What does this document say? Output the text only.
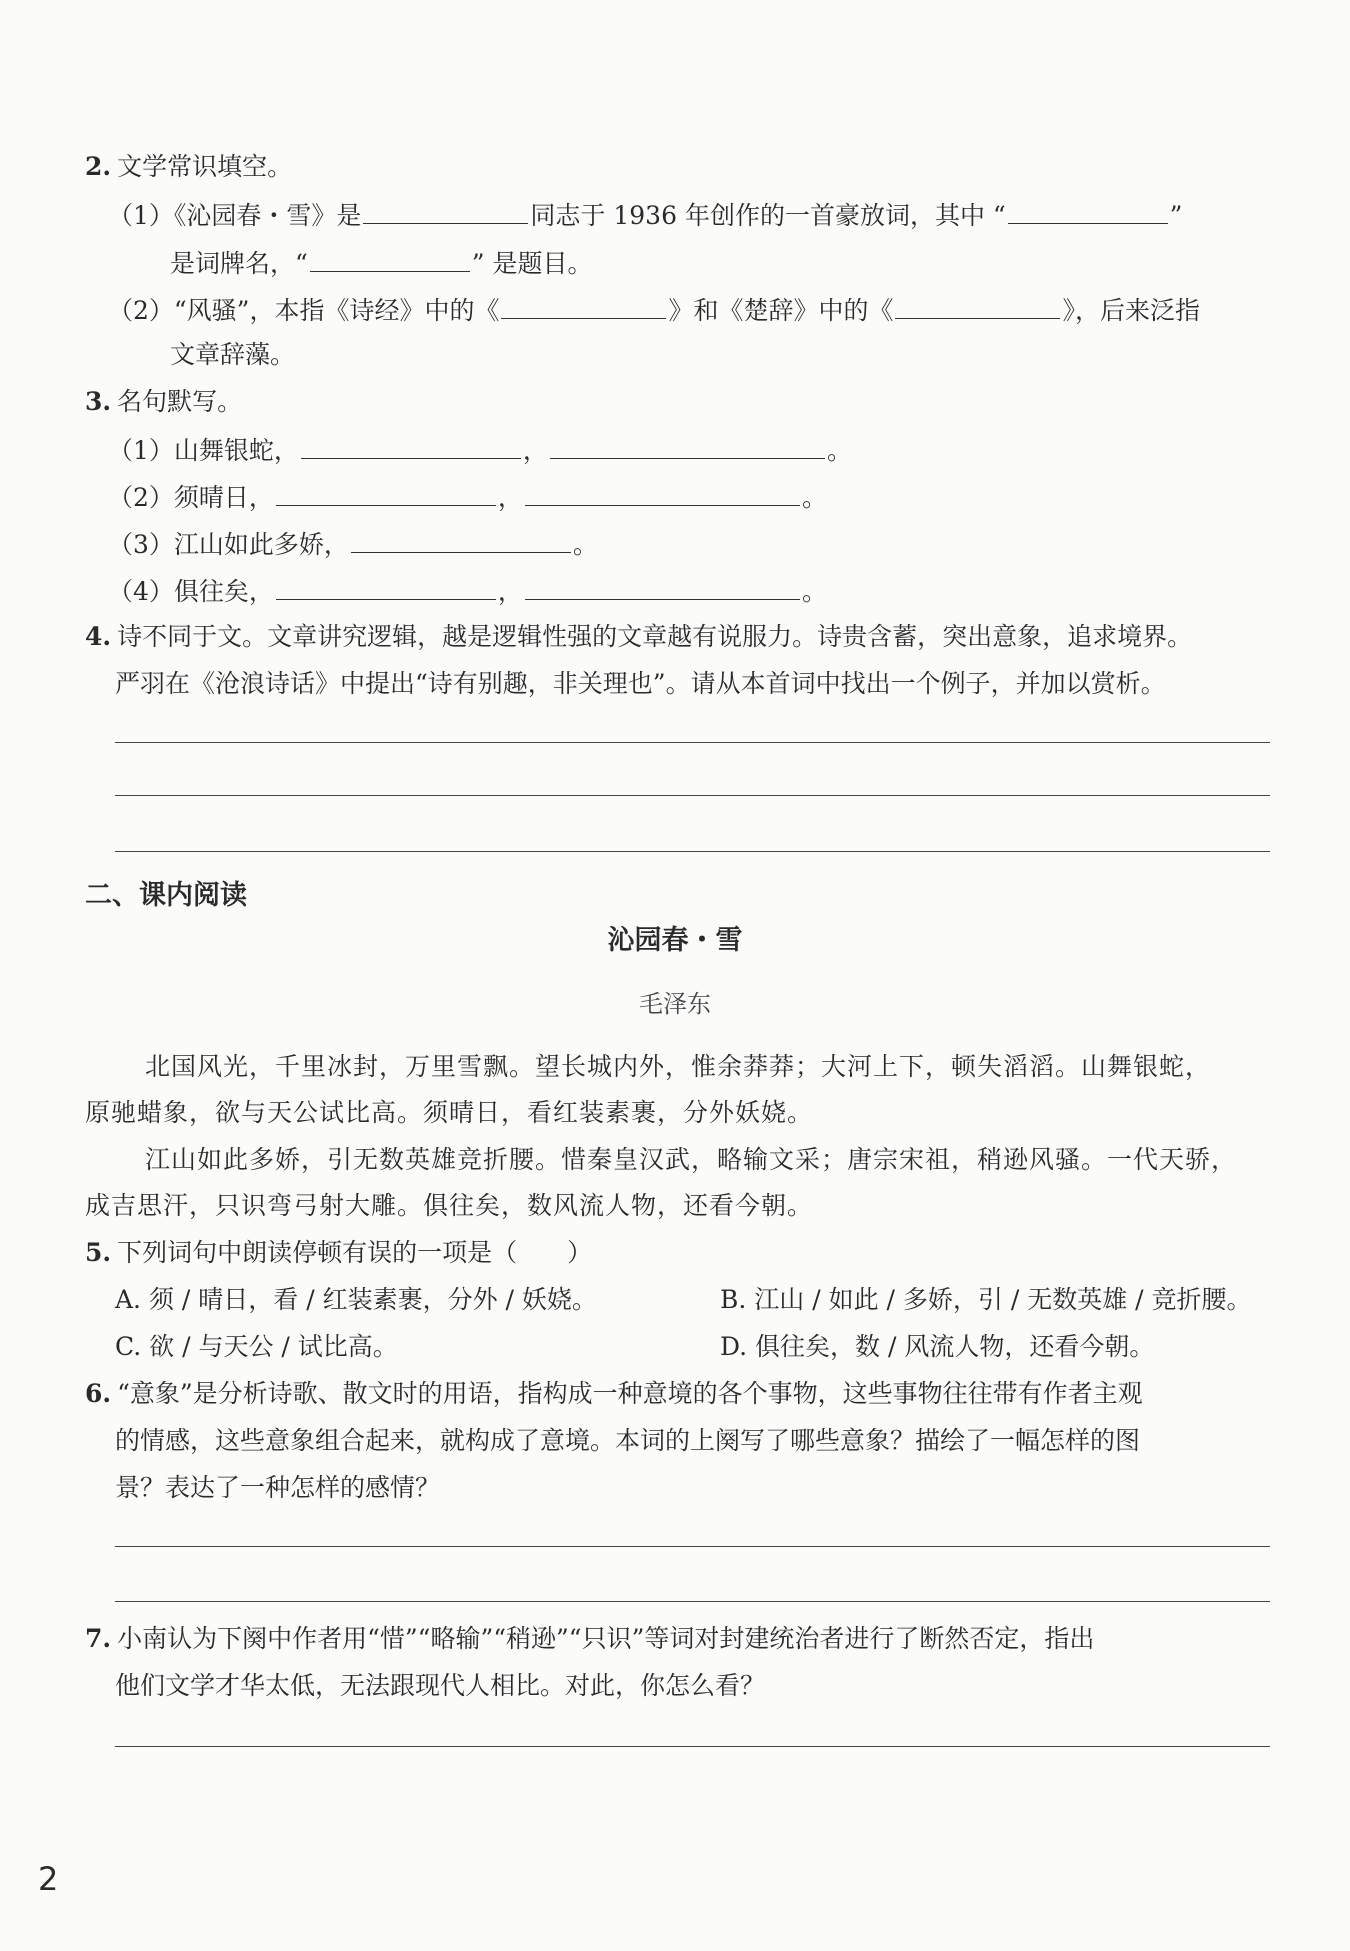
2. 文学常识填空。
（1）《沁园春・雪》是	同志于 1936 年创作的一首豪放词，其中 “	”
是词牌名，“	” 是题目。
（2）“风骚”，本指《诗经》中的《	》和《楚辞》中的《	》，后来泛指
文章辞藻。
3. 名句默写。
（1）山舞银蛇，	，	。
（2）须晴日，	，	。
（3）江山如此多娇，	。
（4）俱往矣，	，	。
4. 诗不同于文。文章讲究逻辑，越是逻辑性强的文章越有说服力。诗贵含蓄，突出意象，追求境界。
严羽在《沧浪诗话》中提出“诗有别趣，非关理也”。请从本首词中找出一个例子，并加以赏析。
二、课内阅读
沁园春・雪
毛泽东
北国风光，千里冰封，万里雪飘。望长城内外，惟余莽莽；大河上下，顿失滔滔。山舞银蛇，
原驰蜡象，欲与天公试比高。须晴日，看红装素裹，分外妖娆。
江山如此多娇，引无数英雄竞折腰。惜秦皇汉武，略输文采；唐宗宋祖，稍逊风骚。一代天骄，
成吉思汗，只识弯弓射大雕。俱往矣，数风流人物，还看今朝。
5. 下列词句中朗读停顿有误的一项是（　　）
A. 须 / 晴日，看 / 红装素裹，分外 / 妖娆。	B. 江山 / 如此 / 多娇，引 / 无数英雄 / 竞折腰。
C. 欲 / 与天公 / 试比高。	D. 俱往矣，数 / 风流人物，还看今朝。
6. “意象”是分析诗歌、散文时的用语，指构成一种意境的各个事物，这些事物往往带有作者主观
的情感，这些意象组合起来，就构成了意境。本词的上阕写了哪些意象？描绘了一幅怎样的图
景？表达了一种怎样的感情？
7. 小南认为下阕中作者用“惜”“略输”“稍逊”“只识”等词对封建统治者进行了断然否定，指出
他们文学才华太低，无法跟现代人相比。对此，你怎么看？
2
